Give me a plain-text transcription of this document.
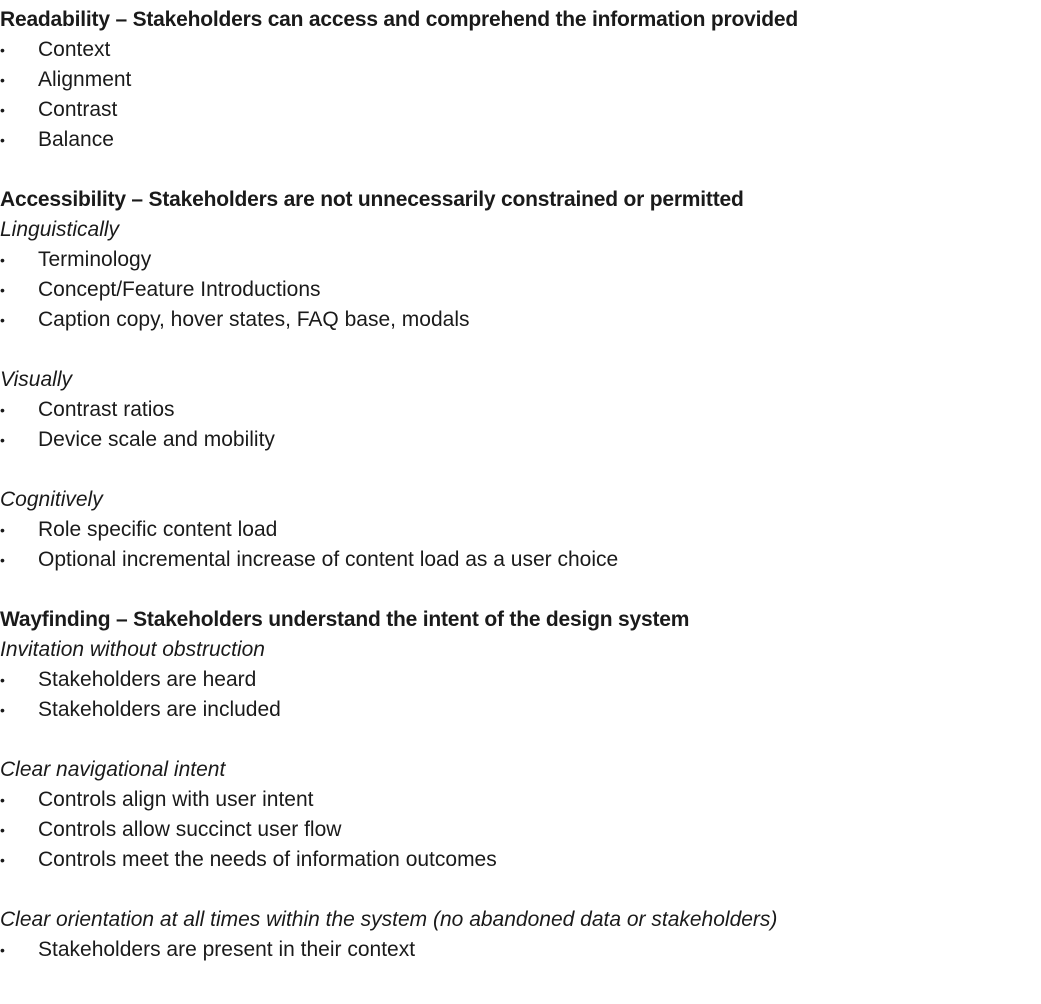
Readability – Stakeholders can access and comprehend the information provided
• Context
• Alignment
• Contrast
• Balance
Accessibility – Stakeholders are not unnecessarily constrained or permitted
Linguistically
• Terminology
• Concept/Feature Introductions
• Caption copy, hover states, FAQ base, modals
Visually
• Contrast ratios
• Device scale and mobility
Cognitively
• Role specific content load
• Optional incremental increase of content load as a user choice
Wayfinding – Stakeholders understand the intent of the design system
Invitation without obstruction
• Stakeholders are heard
• Stakeholders are included
Clear navigational intent
• Controls align with user intent
• Controls allow succinct user flow
• Controls meet the needs of information outcomes
Clear orientation at all times within the system (no abandoned data or stakeholders)
• Stakeholders are present in their context
